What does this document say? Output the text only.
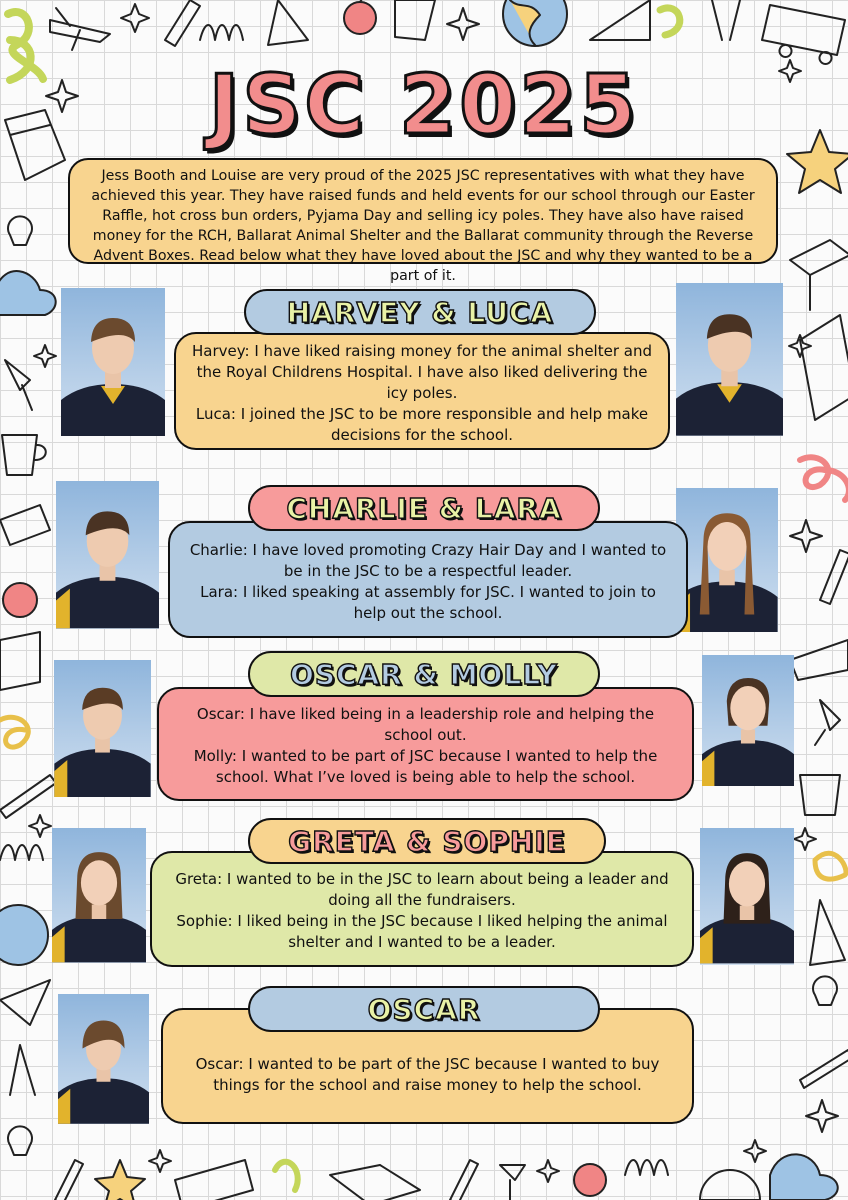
JSC 2025
Jess Booth and Louise are very proud of the 2025 JSC representatives with what they have achieved this year. They have raised funds and held events for our school through our Easter Raffle, hot cross bun orders, Pyjama Day and selling icy poles. They have also have raised money for the RCH, Ballarat Animal Shelter and the Ballarat community through the Reverse Advent Boxes. Read below what they have loved about the JSC and why they wanted to be a part of it.
HARVEY & LUCA

Harvey: I have liked raising money for the animal shelter and the Royal Childrens Hospital. I have also liked delivering the icy poles.

Luca: I joined the JSC to be more responsible and help make decisions for the school.

CHARLIE & LARA

Charlie: I have loved promoting Crazy Hair Day and I wanted to be in the JSC to be a respectful leader.

Lara: I liked speaking at assembly for JSC. I wanted to join to help out the school.

OSCAR & MOLLY

Oscar: I have liked being in a leadership role and helping the school out.

Molly: I wanted to be part of JSC because I wanted to help the school. What I’ve loved is being able to help the school.

GRETA & SOPHIE

Greta: I wanted to be in the JSC to learn about being a leader and doing all the fundraisers.

Sophie: I liked being in the JSC because I liked helping the animal shelter and I wanted to be a leader.

OSCAR

Oscar: I wanted to be part of the JSC because I wanted to buy things for the school and raise money to help the school.
